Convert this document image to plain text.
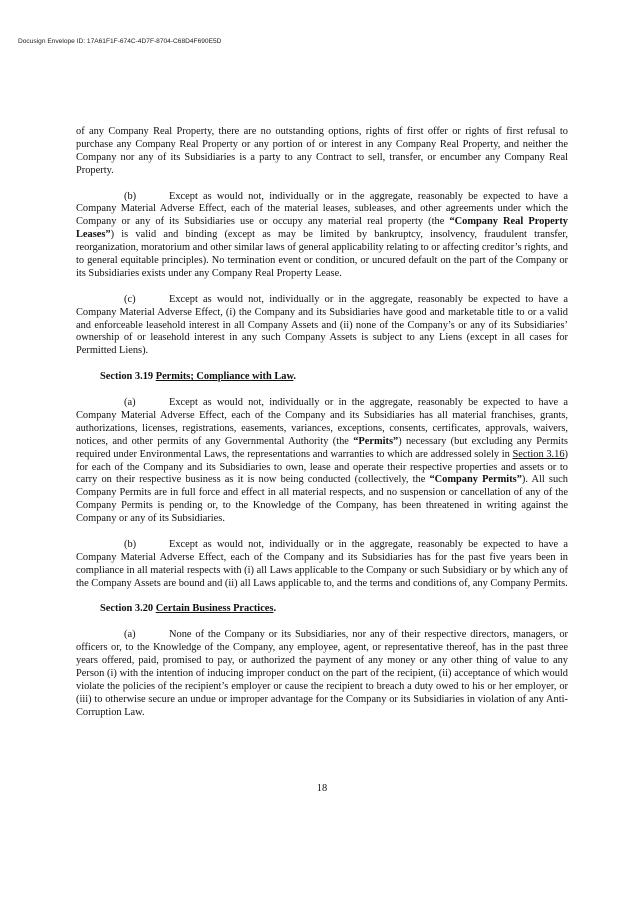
Docusign Envelope ID: 17A61F1F-674C-4D7F-8704-C68D4F690E5D

of any Company Real Property, there are no outstanding options, rights of first offer or rights of first refusal to purchase any Company Real Property or any portion of or interest in any Company Real Property, and neither the Company nor any of its Subsidiaries is a party to any Contract to sell, transfer, or encumber any Company Real Property.

(b)	Except as would not, individually or in the aggregate, reasonably be expected to have a Company Material Adverse Effect, each of the material leases, subleases, and other agreements under which the Company or any of its Subsidiaries use or occupy any material real property (the “Company Real Property Leases”) is valid and binding (except as may be limited by bankruptcy, insolvency, fraudulent transfer, reorganization, moratorium and other similar laws of general applicability relating to or affecting creditor’s rights, and to general equitable principles). No termination event or condition, or uncured default on the part of the Company or its Subsidiaries exists under any Company Real Property Lease.

(c)	Except as would not, individually or in the aggregate, reasonably be expected to have a Company Material Adverse Effect, (i) the Company and its Subsidiaries have good and marketable title to or a valid and enforceable leasehold interest in all Company Assets and (ii) none of the Company’s or any of its Subsidiaries’ ownership of or leasehold interest in any such Company Assets is subject to any Liens (except in all cases for Permitted Liens).

Section 3.19 Permits; Compliance with Law.

(a)	Except as would not, individually or in the aggregate, reasonably be expected to have a Company Material Adverse Effect, each of the Company and its Subsidiaries has all material franchises, grants, authorizations, licenses, registrations, easements, variances, exceptions, consents, certificates, approvals, waivers, notices, and other permits of any Governmental Authority (the “Permits”) necessary (but excluding any Permits required under Environmental Laws, the representations and warranties to which are addressed solely in Section 3.16) for each of the Company and its Subsidiaries to own, lease and operate their respective properties and assets or to carry on their respective business as it is now being conducted (collectively, the “Company Permits”). All such Company Permits are in full force and effect in all material respects, and no suspension or cancellation of any of the Company Permits is pending or, to the Knowledge of the Company, has been threatened in writing against the Company or any of its Subsidiaries.

(b)	Except as would not, individually or in the aggregate, reasonably be expected to have a Company Material Adverse Effect, each of the Company and its Subsidiaries has for the past five years been in compliance in all material respects with (i) all Laws applicable to the Company or such Subsidiary or by which any of the Company Assets are bound and (ii) all Laws applicable to, and the terms and conditions of, any Company Permits.

Section 3.20 Certain Business Practices.

(a)	None of the Company or its Subsidiaries, nor any of their respective directors, managers, or officers or, to the Knowledge of the Company, any employee, agent, or representative thereof, has in the past three years offered, paid, promised to pay, or authorized the payment of any money or any other thing of value to any Person (i) with the intention of inducing improper conduct on the part of the recipient, (ii) acceptance of which would violate the policies of the recipient’s employer or cause the recipient to breach a duty owed to his or her employer, or (iii) to otherwise secure an undue or improper advantage for the Company or its Subsidiaries in violation of any Anti-Corruption Law.

18
